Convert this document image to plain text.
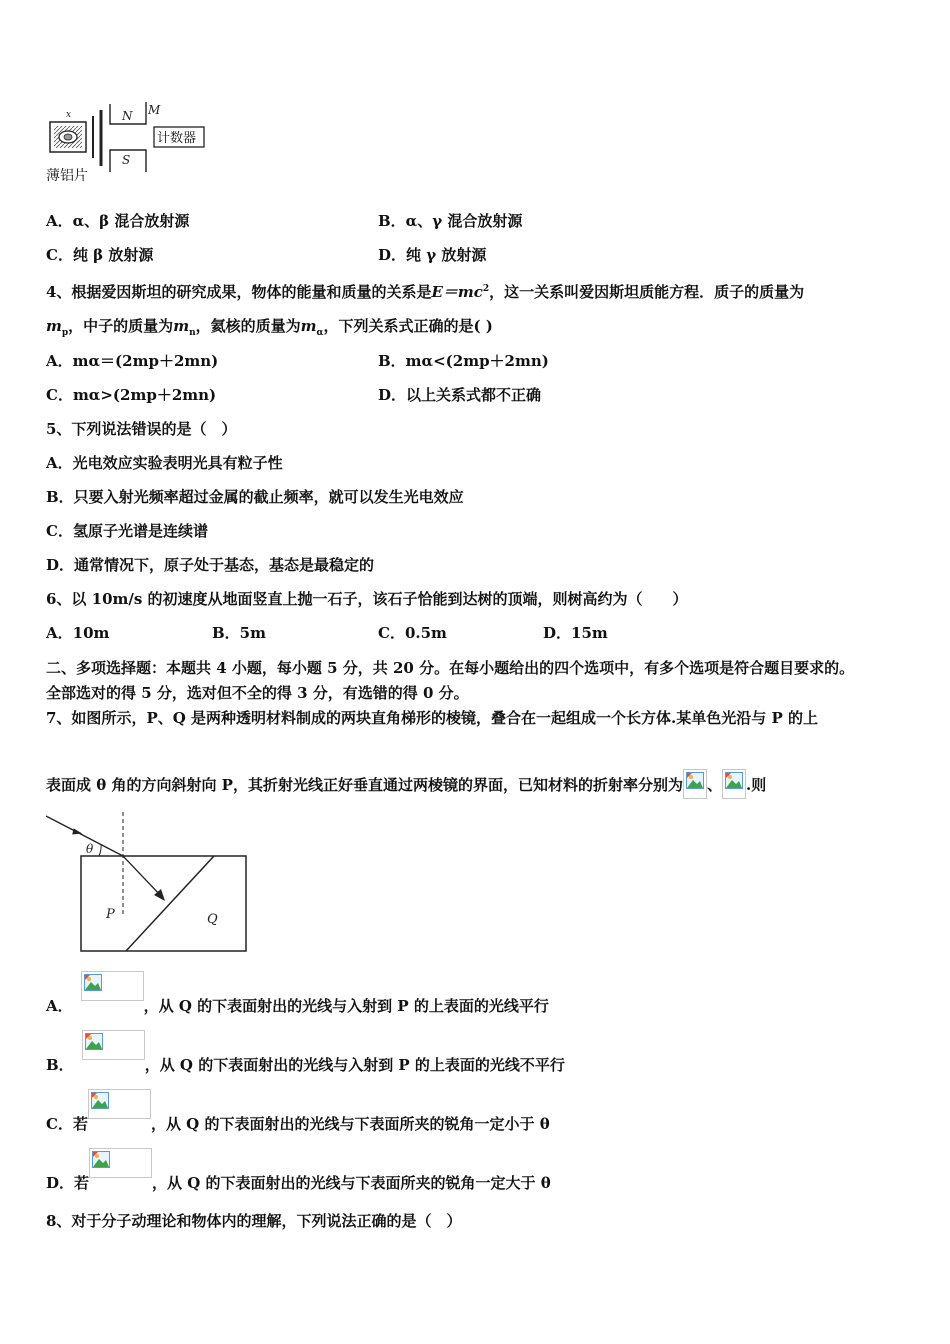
x	N
S
M
计数器
薄铝片
A．α、β 混合放射源	B．α、γ 混合放射源
C．纯 β 放射源	D．纯 γ 放射源
4、根据爱因斯坦的研究成果，物体的能量和质量的关系是$E=mc^2$，这一关系叫爱因斯坦质能方程．质子的质量为
$m_p$，中子的质量为$m_n$，氦核的质量为$m_\alpha$，下列关系式正确的是( )
A．mα＝(2mp＋2mn)	B．mα<(2mp＋2mn)
C．mα>(2mp＋2mn)	D．以上关系式都不正确
5、下列说法错误的是（　）
A．光电效应实验表明光具有粒子性
B．只要入射光频率超过金属的截止频率，就可以发生光电效应
C．氢原子光谱是连续谱
D．通常情况下，原子处于基态，基态是最稳定的
6、以 10m/s 的初速度从地面竖直上抛一石子，该石子恰能到达树的顶端，则树高约为（　　）
A．10m	B．5m	C．0.5m	D．15m
二、多项选择题：本题共 4 小题，每小题 5 分，共 20 分。在每小题给出的四个选项中，有多个选项是符合题目要求的。
全部选对的得 5 分，选对但不全的得 3 分，有选错的得 0 分。
7、如图所示，P、Q 是两种透明材料制成的两块直角梯形的棱镜，叠合在一起组成一个长方体.某单色光沿与 P 的上
表面成 θ 角的方向斜射向 P，其折射光线正好垂直通过两棱镜的界面，已知材料的折射率分别为 、 .则
θ
P	Q
A．	，从 Q 的下表面射出的光线与入射到 P 的上表面的光线平行
B．	，从 Q 的下表面射出的光线与入射到 P 的上表面的光线不平行
C．若	，从 Q 的下表面射出的光线与下表面所夹的锐角一定小于 θ
D．若	，从 Q 的下表面射出的光线与下表面所夹的锐角一定大于 θ
8、对于分子动理论和物体内的理解，下列说法正确的是（　）
